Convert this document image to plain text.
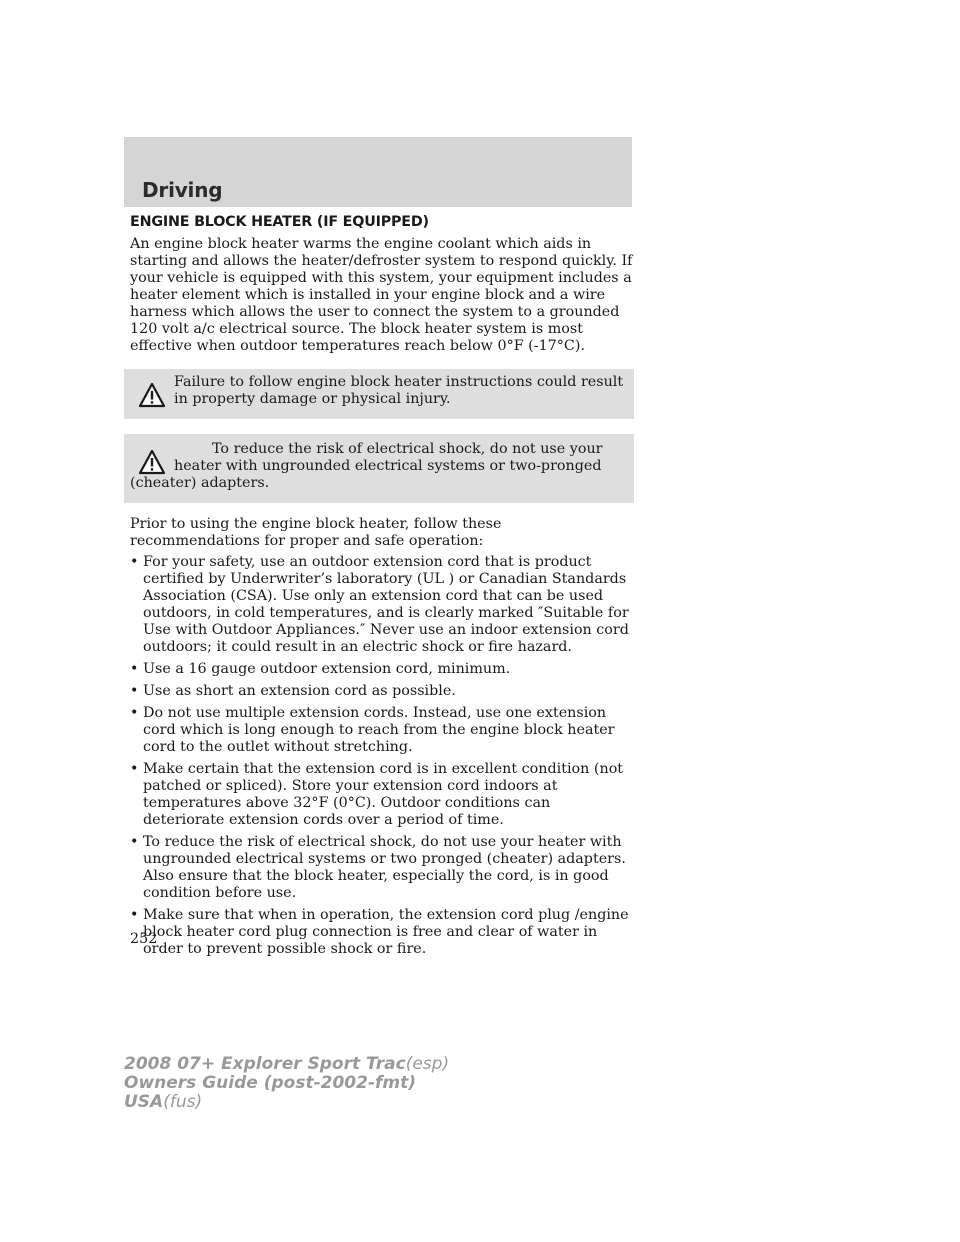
Driving
ENGINE BLOCK HEATER (IF EQUIPPED)

An engine block heater warms the engine coolant which aids in starting and allows the heater/defroster system to respond quickly. If your vehicle is equipped with this system, your equipment includes a heater element which is installed in your engine block and a wire harness which allows the user to connect the system to a grounded 120 volt a/c electrical source. The block heater system is most effective when outdoor temperatures reach below 0°F (-17°C).

Failure to follow engine block heater instructions could result in property damage or physical injury.
To reduce the risk of electrical shock, do not use your heater with ungrounded electrical systems or two-pronged (cheater) adapters.

Prior to using the engine block heater, follow these recommendations for proper and safe operation:

• For your safety, use an outdoor extension cord that is product certified by Underwriter’s laboratory (UL ) or Canadian Standards Association (CSA). Use only an extension cord that can be used outdoors, in cold temperatures, and is clearly marked ″Suitable for Use with Outdoor Appliances.″ Never use an indoor extension cord outdoors; it could result in an electric shock or fire hazard.
• Use a 16 gauge outdoor extension cord, minimum.
• Use as short an extension cord as possible.
• Do not use multiple extension cords. Instead, use one extension cord which is long enough to reach from the engine block heater cord to the outlet without stretching.
• Make certain that the extension cord is in excellent condition (not patched or spliced). Store your extension cord indoors at temperatures above 32°F (0°C). Outdoor conditions can deteriorate extension cords over a period of time.
• To reduce the risk of electrical shock, do not use your heater with ungrounded electrical systems or two pronged (cheater) adapters. Also ensure that the block heater, especially the cord, is in good condition before use.
• Make sure that when in operation, the extension cord plug /engine block heater cord plug connection is free and clear of water in order to prevent possible shock or fire.
252
2008 07+ Explorer Sport Trac(esp)
Owners Guide (post-2002-fmt)
USA(fus)
